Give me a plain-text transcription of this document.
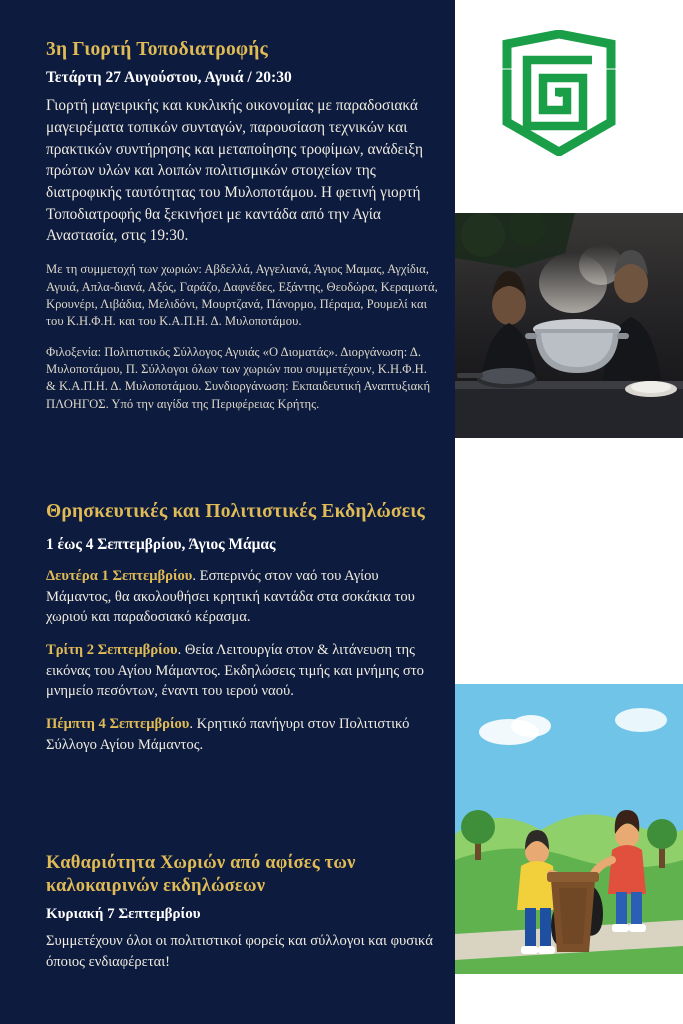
3η Γιορτή Τοποδιατροφής
Τετάρτη 27 Αυγούστου, Αγυιά / 20:30

Γιορτή μαγειρικής και κυκλικής οικονομίας με παραδοσιακά μαγειρέματα τοπικών συνταγών, παρουσίαση τεχνικών και πρακτικών συντήρησης και μεταποίησης τροφίμων, ανάδειξη πρώτων υλών και λοιπών πολιτισμικών στοιχείων της διατροφικής ταυτότητας του Μυλοποτάμου. Η φετινή γιορτή Τοποδιατροφής θα ξεκινήσει με καντάδα από την Αγία Αναστασία, στις 19:30.

Με τη συμμετοχή των χωριών: Αβδελλά, Αγγελιανά, Άγιος Μαμας, Αγχίδια, Αγυιά, Απλα-διανά, Αξός, Γαράζο, Δαφνέδες, Εξάντης, Θεοδώρα, Κεραμωτά, Κρουνέρι, Λιβάδια, Μελιδόνι, Μουρτζανά, Πάνορμο, Πέραμα, Ρουμελί και του Κ.Η.Φ.Η. και του Κ.Α.Π.Η. Δ. Μυλοποτάμου.

Φιλοξενία: Πολιτιστικός Σύλλογος Αγυιάς «Ο Διοματάς». Διοργάνωση: Δ. Μυλοποτάμου, Π. Σύλλογοι όλων των χωριών που συμμετέχουν, Κ.Η.Φ.Η. & Κ.Α.Π.Η. Δ. Μυλοποτάμου. Συνδιοργάνωση: Εκπαιδευτική Αναπτυξιακή ΠΛΟΗΓΟΣ. Υπό την αιγίδα της Περιφέρειας Κρήτης.

Θρησκευτικές και Πολιτιστικές Εκδηλώσεις
1 έως 4 Σεπτεμβρίου, Άγιος Μάμας

Δευτέρα 1 Σεπτεμβρίου. Εσπερινός στον ναό του Αγίου Μάμαντος, θα ακολουθήσει κρητική καντάδα στα σοκάκια του χωριού και παραδοσιακό κέρασμα.

Τρίτη 2 Σεπτεμβρίου. Θεία Λειτουργία στον & λιτάνευση της εικόνας του Αγίου Μάμαντος. Εκδηλώσεις τιμής και μνήμης στο μνημείο πεσόντων, έναντι του ιερού ναού.

Πέμπτη 4 Σεπτεμβρίου. Κρητικό πανήγυρι στον Πολιτιστικό Σύλλογο Αγίου Μάμαντος.

Καθαριότητα Χωριών από αφίσες των καλοκαιρινών εκδηλώσεων
Κυριακή 7 Σεπτεμβρίου

Συμμετέχουν όλοι οι πολιτιστικοί φορείς και σύλλογοι και φυσικά όποιος ενδιαφέρεται!
